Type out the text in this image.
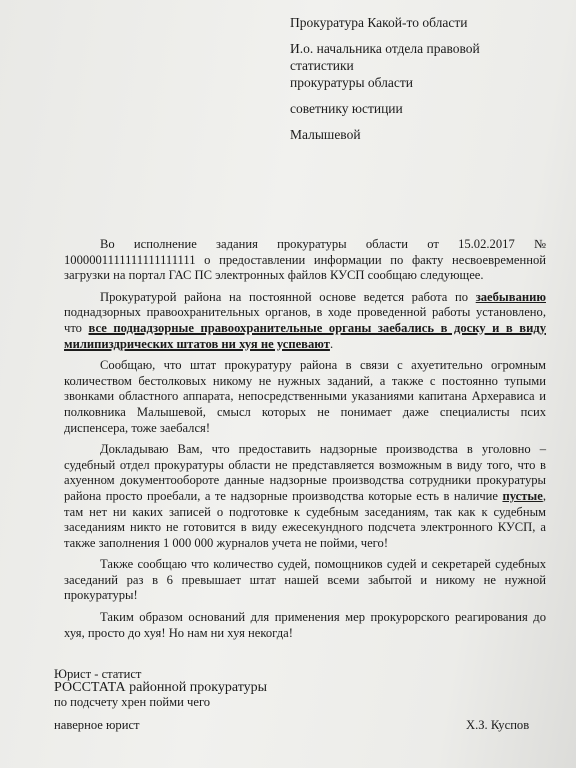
Прокуратура Какой-то области
И.о. начальника отдела правовой
статистики
прокуратуры области
советнику юстиции
Малышевой

Во исполнение задания прокуратуры области от 15.02.2017 № 1000001111111111111111 о предоставлении информации по факту несвоевременной загрузки на портал ГАС ПС электронных файлов КУСП сообщаю следующее.

Прокуратурой района на постоянной основе ведется работа по заебыванию поднадзорных правоохранительных органов, в ходе проведенной работы установлено, что все поднадзорные правоохранительные органы заебались в доску и в виду милипиздрических штатов ни хуя не успевают.

Сообщаю, что штат прокуратуру района в связи с ахуетительно огромным количеством бестолковых никому не нужных заданий, а также с постоянно тупыми звонками областного аппарата, непосредственными указаниями капитана Архерависа и полковника Малышевой, смысл которых не понимает даже специалисты псих диспенсера, тоже заебался!

Докладываю Вам, что предоставить надзорные производства в уголовно – судебный отдел прокуратуры области не представляется возможным в виду того, что в ахуенном документообороте данные надзорные производства сотрудники прокуратуры района просто проебали, а те надзорные производства которые есть в наличие пустые, там нет ни каких записей о подготовке к судебным заседаниям, так как к судебным заседаниям никто не готовится в виду ежесекундного подсчета электронного КУСП, а также заполнения 1 000 000 журналов учета не пойми, чего!

Также сообщаю что количество судей, помощников судей и секретарей судебных заседаний раз в 6 превышает штат нашей всеми забытой и никому не нужной прокуратуры!

Таким образом оснований для применения мер прокурорского реагирования до хуя, просто до хуя! Но нам ни хуя некогда!

Юрист - статист
РОССТАТА районной прокуратуры
по подсчету хрен пойми чего
наверное юрист	Х.З. Куспов
